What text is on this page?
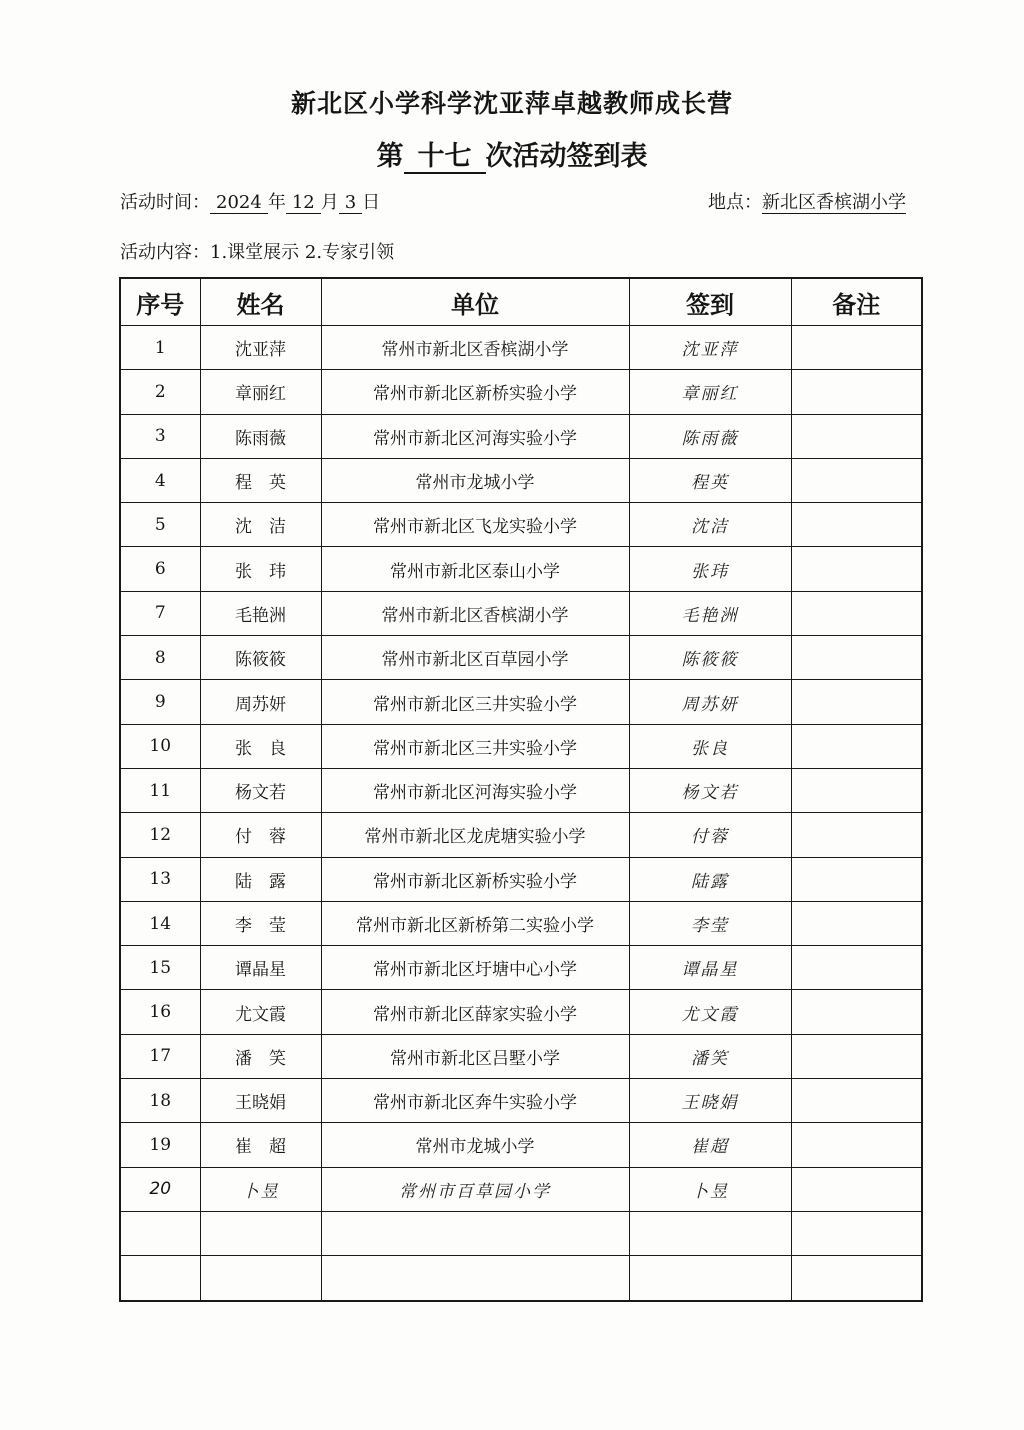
新北区小学科学沈亚萍卓越教师成长营
第 十七 次活动签到表
活动时间： 2024 年 12 月 3 日	地点：新北区香槟湖小学
活动内容：1.课堂展示 2.专家引领
序号	姓名	单位	签到	备注
1	沈亚萍	常州市新北区香槟湖小学	沈亚萍	
2	章丽红	常州市新北区新桥实验小学	章丽红	
3	陈雨薇	常州市新北区河海实验小学	陈雨薇	
4	程　英	常州市龙城小学	程英	
5	沈　洁	常州市新北区飞龙实验小学	沈洁	
6	张　玮	常州市新北区泰山小学	张玮	
7	毛艳洲	常州市新北区香槟湖小学	毛艳洲	
8	陈筱筱	常州市新北区百草园小学	陈筱筱	
9	周苏妍	常州市新北区三井实验小学	周苏妍	
10	张　良	常州市新北区三井实验小学	张良	
11	杨文若	常州市新北区河海实验小学	杨文若	
12	付　蓉	常州市新北区龙虎塘实验小学	付蓉	
13	陆　露	常州市新北区新桥实验小学	陆露	
14	李　莹	常州市新北区新桥第二实验小学	李莹	
15	谭晶星	常州市新北区圩塘中心小学	谭晶星	
16	尤文霞	常州市新北区薛家实验小学	尤文霞	
17	潘　笑	常州市新北区吕墅小学	潘笑	
18	王晓娟	常州市新北区奔牛实验小学	王晓娟	
19	崔　超	常州市龙城小学	崔超	
20	卜昱	常州市百草园小学	卜昱	
